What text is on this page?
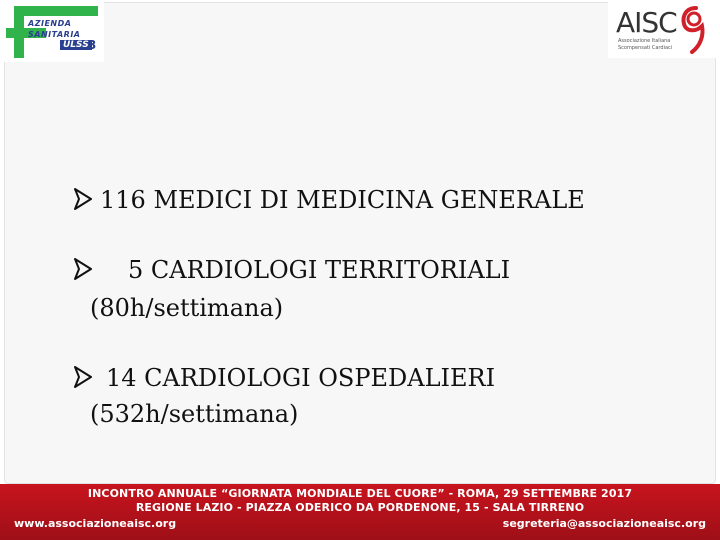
AZIENDA
SANITARIA
ULSS 3
AISC
Associazione Italiana Scompensati Cardiaci
116 MEDICI DI MEDICINA GENERALE
5 CARDIOLOGI TERRITORIALI
(80h/settimana)
14 CARDIOLOGI OSPEDALIERI
(532h/settimana)
INCONTRO ANNUALE “GIORNATA MONDIALE DEL CUORE” - ROMA, 29 SETTEMBRE 2017
REGIONE LAZIO - PIAZZA ODERICO DA PORDENONE, 15 - SALA TIRRENO
www.associazioneaisc.org	segreteria@associazioneaisc.org
